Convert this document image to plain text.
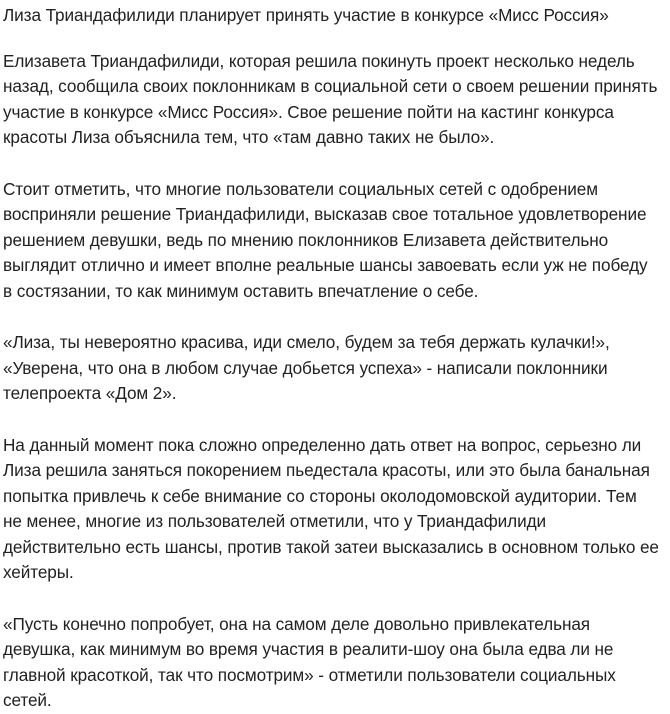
Лиза Триандафилиди планирует принять участие в конкурсе «Мисс Россия»

Елизавета Триандафилиди, которая решила покинуть проект несколько недель
назад, сообщила своих поклонникам в социальной сети о своем решении принять
участие в конкурсе «Мисс Россия». Свое решение пойти на кастинг конкурса
красоты Лиза объяснила тем, что «там давно таких не было».

Стоит отметить, что многие пользователи социальных сетей с одобрением
восприняли решение Триандафилиди, высказав свое тотальное удовлетворение
решением девушки, ведь по мнению поклонников Елизавета действительно
выглядит отлично и имеет вполне реальные шансы завоевать если уж не победу
в состязании, то как минимум оставить впечатление о себе.

«Лиза, ты невероятно красива, иди смело, будем за тебя держать кулачки!»,
«Уверена, что она в любом случае добьется успеха» - написали поклонники
телепроекта «Дом 2».

На данный момент пока сложно определенно дать ответ на вопрос, серьезно ли
Лиза решила заняться покорением пьедестала красоты, или это была банальная
попытка привлечь к себе внимание со стороны околодомовской аудитории. Тем
не менее, многие из пользователей отметили, что у Триандафилиди
действительно есть шансы, против такой затеи высказались в основном только ее
хейтеры.

«Пусть конечно попробует, она на самом деле довольно привлекательная
девушка, как минимум во время участия в реалити-шоу она была едва ли не
главной красоткой, так что посмотрим» - отметили пользователи социальных
сетей.
